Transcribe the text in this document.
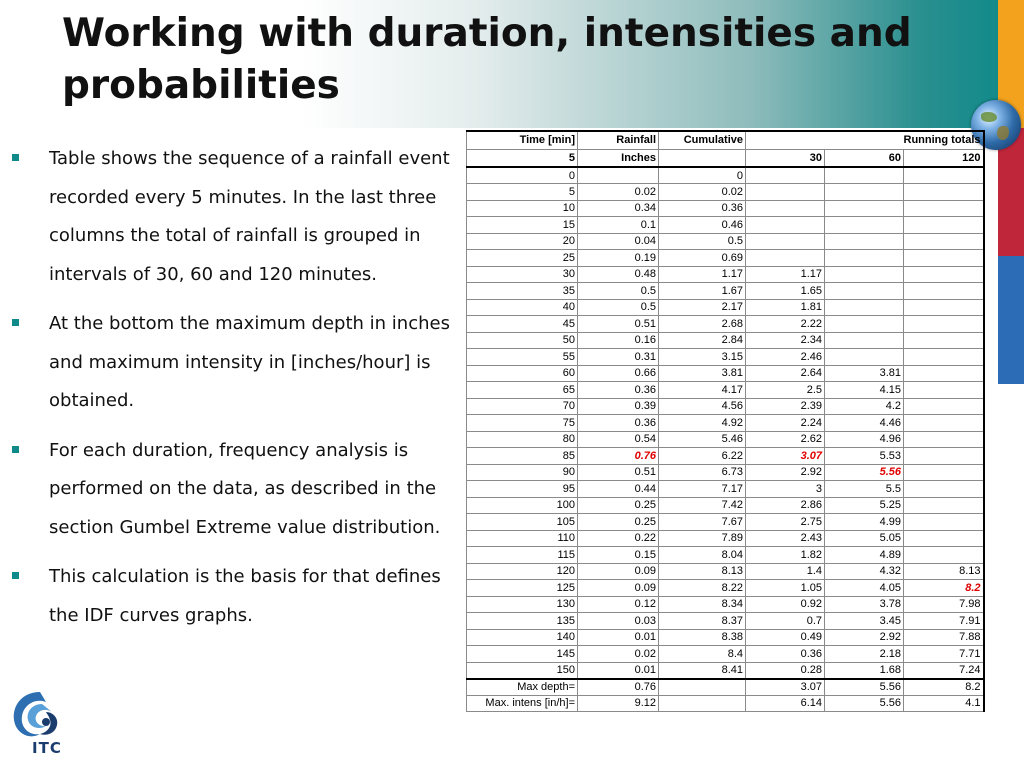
Working with duration, intensities and probabilities
Table shows the sequence of a rainfall event recorded every 5 minutes. In the last three columns the total of rainfall is grouped in intervals of 30, 60 and 120 minutes.
At the bottom the maximum depth in inches and maximum intensity in [inches/hour] is obtained.
For each duration, frequency analysis is performed on the data, as described in the section Gumbel Extreme value distribution.
This calculation is the basis for that defines the IDF curves graphs.
ITC
Time [min]	Rainfall	Cumulative	Running totals		
5	Inches		30	60	120
0		0			
5	0.02	0.02			
10	0.34	0.36			
15	0.1	0.46			
20	0.04	0.5			
25	0.19	0.69			
30	0.48	1.17	1.17		
35	0.5	1.67	1.65		
40	0.5	2.17	1.81		
45	0.51	2.68	2.22		
50	0.16	2.84	2.34		
55	0.31	3.15	2.46		
60	0.66	3.81	2.64	3.81	
65	0.36	4.17	2.5	4.15	
70	0.39	4.56	2.39	4.2	
75	0.36	4.92	2.24	4.46	
80	0.54	5.46	2.62	4.96	
85	0.76	6.22	3.07	5.53	
90	0.51	6.73	2.92	5.56	
95	0.44	7.17	3	5.5	
100	0.25	7.42	2.86	5.25	
105	0.25	7.67	2.75	4.99	
110	0.22	7.89	2.43	5.05	
115	0.15	8.04	1.82	4.89	
120	0.09	8.13	1.4	4.32	8.13
125	0.09	8.22	1.05	4.05	8.2
130	0.12	8.34	0.92	3.78	7.98
135	0.03	8.37	0.7	3.45	7.91
140	0.01	8.38	0.49	2.92	7.88
145	0.02	8.4	0.36	2.18	7.71
150	0.01	8.41	0.28	1.68	7.24
Max depth=	0.76		3.07	5.56	8.2
Max. intens [in/h]=	9.12		6.14	5.56	4.1
